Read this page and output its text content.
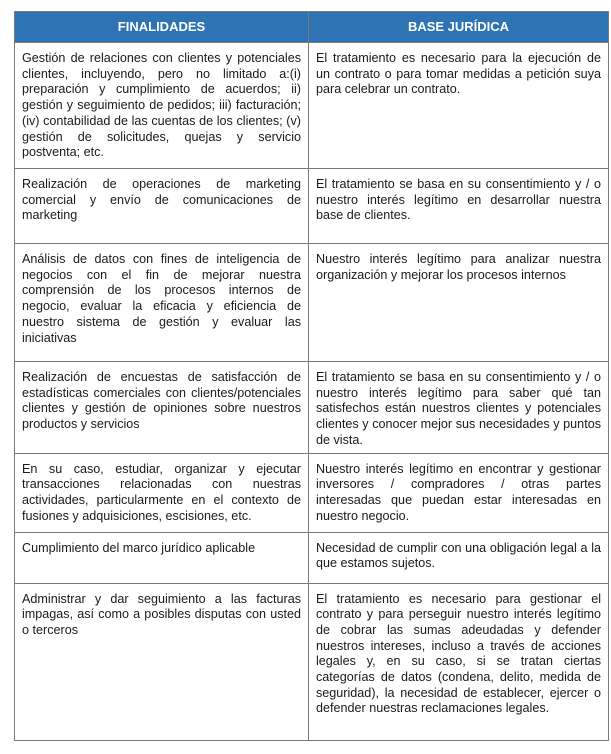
FINALIDADES	BASE JURÍDICA
Gestión de relaciones con clientes y potenciales clientes, incluyendo, pero no limitado a:(i) preparación y cumplimiento de acuerdos; ii) gestión y seguimiento de pedidos; iii) facturación; (iv) contabilidad de las cuentas de los clientes; (v) gestión de solicitudes, quejas y servicio postventa; etc.	El tratamiento es necesario para la ejecución de un contrato o para tomar medidas a petición suya para celebrar un contrato.
Realización de operaciones de marketing comercial y envío de comunicaciones de marketing	El tratamiento se basa en su consentimiento y / o nuestro interés legítimo en desarrollar nuestra base de clientes.
Análisis de datos con fines de inteligencia de negocios con el fin de mejorar nuestra comprensión de los procesos internos de negocio, evaluar la eficacia y eficiencia de nuestro sistema de gestión y evaluar las iniciativas	Nuestro interés legítimo para analizar nuestra organización y mejorar los procesos internos
Realización de encuestas de satisfacción de estadísticas comerciales con clientes/potenciales clientes y gestión de opiniones sobre nuestros productos y servicios	El tratamiento se basa en su consentimiento y / o nuestro interés legítimo para saber qué tan satisfechos están nuestros clientes y potenciales clientes y conocer mejor sus necesidades y puntos de vista.
En su caso, estudiar, organizar y ejecutar transacciones relacionadas con nuestras actividades, particularmente en el contexto de fusiones y adquisiciones, escisiones, etc.	Nuestro interés legítimo en encontrar y gestionar inversores / compradores / otras partes interesadas que puedan estar interesadas en nuestro negocio.
Cumplimiento del marco jurídico aplicable	Necesidad de cumplir con una obligación legal a la que estamos sujetos.
Administrar y dar seguimiento a las facturas impagas, así como a posibles disputas con usted o terceros	El tratamiento es necesario para gestionar el contrato y para perseguir nuestro interés legítimo de cobrar las sumas adeudadas y defender nuestros intereses, incluso a través de acciones legales y, en su caso, si se tratan ciertas categorías de datos (condena, delito, medida de seguridad), la necesidad de establecer, ejercer o defender nuestras reclamaciones legales.
